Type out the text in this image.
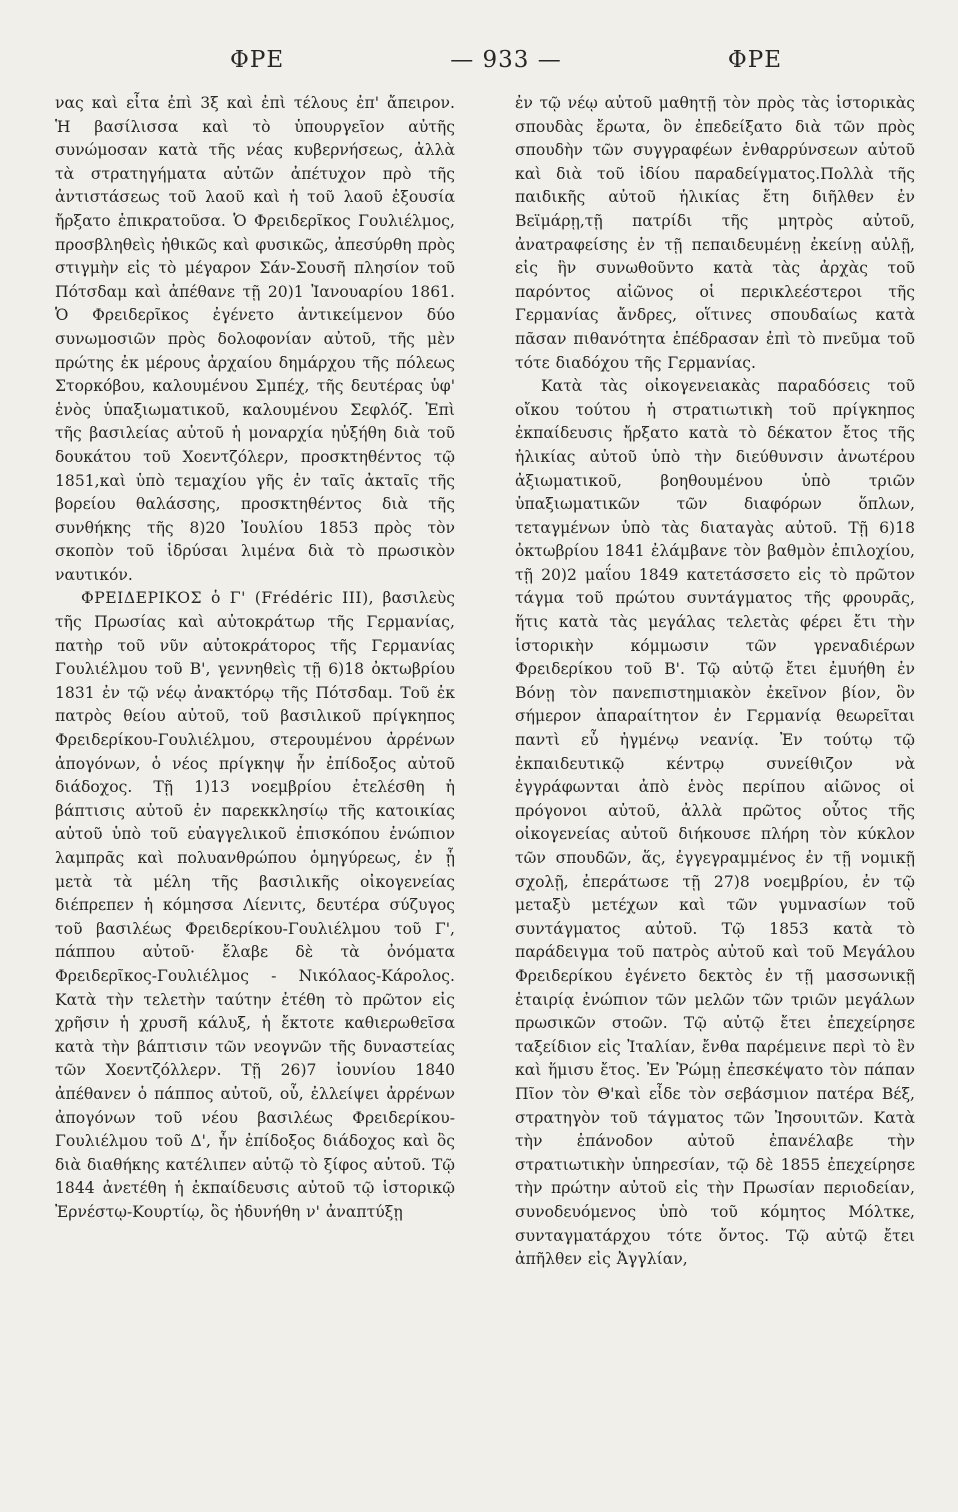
ΦΡΕ	— 933 —	ΦΡΕ

νας καὶ εἶτα ἐπὶ 3ξ καὶ ἐπὶ τέλους ἐπ' ἄπειρον. Ἡ βασίλισσα καὶ τὸ ὑπουργεῖον αὐτῆς συνώμοσαν κατὰ τῆς νέας κυβερνήσεως, ἀλλὰ τὰ στρατηγήματα αὐτῶν ἀπέτυχον πρὸ τῆς ἀντιστάσεως τοῦ λαοῦ καὶ ἡ τοῦ λαοῦ ἐξουσία ἤρξατο ἐπικρατοῦσα. Ὁ Φρειδερῖκος Γουλιέλμος, προσβληθεὶς ἠθικῶς καὶ φυσικῶς, ἀπεσύρθη πρὸς στιγμὴν εἰς τὸ μέγαρον Σάν-Σουσῆ πλησίον τοῦ Πότσδαμ καὶ ἀπέθανε τῇ 20)1 Ἰανουαρίου 1861. Ὁ Φρειδερῖκος ἐγένετο ἀντικείμενον δύο συνωμοσιῶν πρὸς δολοφονίαν αὐτοῦ, τῆς μὲν πρώτης ἐκ μέρους ἀρχαίου δημάρχου τῆς πόλεως Στορκόβου, καλουμένου Σμπέχ, τῆς δευτέρας ὑφ' ἑνὸς ὑπαξιωματικοῦ, καλουμένου Σεφλόζ. Ἐπὶ τῆς βασιλείας αὐτοῦ ἡ μοναρχία ηὐξήθη διὰ τοῦ δουκάτου τοῦ Χοεντζόλερν, προσκτηθέντος τῷ 1851,καὶ ὑπὸ τεμαχίου γῆς ἐν ταῖς ἀκταῖς τῆς βορείου θαλάσσης, προσκτηθέντος διὰ τῆς συνθήκης τῆς 8)20 Ἰουλίου 1853 πρὸς τὸν σκοπὸν τοῦ ἱδρύσαι λιμένα διὰ τὸ πρωσικὸν ναυτικόν.

ΦΡΕΙΔΕΡΙΚΟΣ ὁ Γ' (Frédéric III), βασιλεὺς τῆς Πρωσίας καὶ αὐτοκράτωρ τῆς Γερμανίας, πατὴρ τοῦ νῦν αὐτοκράτορος τῆς Γερμανίας Γουλιέλμου τοῦ Β', γεννηθεὶς τῇ 6)18 ὀκτωβρίου 1831 ἐν τῷ νέῳ ἀνακτόρῳ τῆς Πότσδαμ. Τοῦ ἐκ πατρὸς θείου αὐτοῦ, τοῦ βασιλικοῦ πρίγκηπος Φρειδερίκου-Γουλιέλμου, στερουμένου ἀρρένων ἀπογόνων, ὁ νέος πρίγκηψ ἦν ἐπίδοξος αὐτοῦ διάδοχος. Τῇ 1)13 νοεμβρίου ἐτελέσθη ἡ βάπτισις αὐτοῦ ἐν παρεκκλησίῳ τῆς κατοικίας αὐτοῦ ὑπὸ τοῦ εὐαγγελικοῦ ἐπισκόπου ἐνώπιον λαμπρᾶς καὶ πολυανθρώπου ὁμηγύρεως, ἐν ᾗ μετὰ τὰ μέλη τῆς βασιλικῆς οἰκογενείας διέπρεπεν ἡ κόμησσα Λίενιτς, δευτέρα σύζυγος τοῦ βασιλέως Φρειδερίκου-Γουλιέλμου τοῦ Γ', πάππου αὐτοῦ· ἔλαβε δὲ τὰ ὀνόματα Φρειδερῖκος-Γουλιέλμος - Νικόλαος-Κάρολος. Κατὰ τὴν τελετὴν ταύτην ἐτέθη τὸ πρῶτον εἰς χρῆσιν ἡ χρυσῆ κάλυξ, ἡ ἔκτοτε καθιερωθεῖσα κατὰ τὴν βάπτισιν τῶν νεογνῶν τῆς δυναστείας τῶν Χοεντζόλλερν. Τῇ 26)7 ἰουνίου 1840 ἀπέθανεν ὁ πάππος αὐτοῦ, οὗ, ἐλλείψει ἀρρένων ἀπογόνων τοῦ νέου βασιλέως Φρειδερίκου-Γουλιέλμου τοῦ Δ', ἦν ἐπίδοξος διάδοχος καὶ ὃς διὰ διαθήκης κατέλιπεν αὐτῷ τὸ ξίφος αὐτοῦ. Τῷ 1844 ἀνετέθη ἡ ἐκπαίδευσις αὐτοῦ τῷ ἱστορικῷ Ἐρνέστῳ-Κουρτίῳ, ὃς ἠδυνήθη ν' ἀναπτύξῃ

ἐν τῷ νέῳ αὐτοῦ μαθητῇ τὸν πρὸς τὰς ἱστορικὰς σπουδὰς ἔρωτα, ὃν ἐπεδείξατο διὰ τῶν πρὸς σπουδὴν τῶν συγγραφέων ἐνθαρρύνσεων αὐτοῦ καὶ διὰ τοῦ ἰδίου παραδείγματος.Πολλὰ τῆς παιδικῆς αὐτοῦ ἡλικίας ἔτη διῆλθεν ἐν Βεϊμάρῃ,τῇ πατρίδι τῆς μητρὸς αὐτοῦ, ἀνατραφείσης ἐν τῇ πεπαιδευμένῃ ἐκείνῃ αὐλῇ, εἰς ἣν συνωθοῦντο κατὰ τὰς ἀρχὰς τοῦ παρόντος αἰῶνος οἱ περικλεέστεροι τῆς Γερμανίας ἄνδρες, οἵτινες σπουδαίως κατὰ πᾶσαν πιθανότητα ἐπέδρασαν ἐπὶ τὸ πνεῦμα τοῦ τότε διαδόχου τῆς Γερμανίας.

Κατὰ τὰς οἰκογενειακὰς παραδόσεις τοῦ οἴκου τούτου ἡ στρατιωτικὴ τοῦ πρίγκηπος ἐκπαίδευσις ἤρξατο κατὰ τὸ δέκατον ἔτος τῆς ἡλικίας αὐτοῦ ὑπὸ τὴν διεύθυνσιν ἀνωτέρου ἀξιωματικοῦ, βοηθουμένου ὑπὸ τριῶν ὑπαξιωματικῶν τῶν διαφόρων ὅπλων, τεταγμένων ὑπὸ τὰς διαταγὰς αὐτοῦ. Τῇ 6)18 ὀκτωβρίου 1841 ἐλάμβανε τὸν βαθμὸν ἐπιλοχίου, τῇ 20)2 μαΐου 1849 κατετάσσετο εἰς τὸ πρῶτον τάγμα τοῦ πρώτου συντάγματος τῆς φρουρᾶς, ἥτις κατὰ τὰς μεγάλας τελετὰς φέρει ἔτι τὴν ἱστορικὴν κόμμωσιν τῶν γρεναδιέρων Φρειδερίκου τοῦ Β'. Τῷ αὐτῷ ἔτει ἐμυήθη ἐν Βόνῃ τὸν πανεπιστημιακὸν ἐκεῖνον βίον, ὃν σήμερον ἀπαραίτητον ἐν Γερμανίᾳ θεωρεῖται παντὶ εὖ ἠγμένῳ νεανίᾳ. Ἐν τούτῳ τῷ ἐκπαιδευτικῷ κέντρῳ συνείθιζον νὰ ἐγγράφωνται ἀπὸ ἑνὸς περίπου αἰῶνος οἱ πρόγονοι αὐτοῦ, ἀλλὰ πρῶτος οὗτος τῆς οἰκογενείας αὐτοῦ διήκουσε πλήρη τὸν κύκλον τῶν σπουδῶν, ἅς, ἐγγεγραμμένος ἐν τῇ νομικῇ σχολῇ, ἐπεράτωσε τῇ 27)8 νοεμβρίου, ἐν τῷ μεταξὺ μετέχων καὶ τῶν γυμνασίων τοῦ συντάγματος αὐτοῦ. Τῷ 1853 κατὰ τὸ παράδειγμα τοῦ πατρὸς αὐτοῦ καὶ τοῦ Μεγάλου Φρειδερίκου ἐγένετο δεκτὸς ἐν τῇ μασσωνικῇ ἑταιρίᾳ ἐνώπιον τῶν μελῶν τῶν τριῶν μεγάλων πρωσικῶν στοῶν. Τῷ αὐτῷ ἔτει ἐπεχείρησε ταξείδιον εἰς Ἰταλίαν, ἔνθα παρέμεινε περὶ τὸ ἓν καὶ ἥμισυ ἔτος. Ἐν Ῥώμῃ ἐπεσκέψατο τὸν πάπαν Πῖον τὸν Θ'καὶ εἶδε τὸν σεβάσμιον πατέρα Βέξ, στρατηγὸν τοῦ τάγματος τῶν Ἰησουιτῶν. Κατὰ τὴν ἐπάνοδον αὐτοῦ ἐπανέλαβε τὴν στρατιωτικὴν ὑπηρεσίαν, τῷ δὲ 1855 ἐπεχείρησε τὴν πρώτην αὐτοῦ εἰς τὴν Πρωσίαν περιοδείαν, συνοδευόμενος ὑπὸ τοῦ κόμητος Μόλτκε, συνταγματάρχου τότε ὄντος. Τῷ αὐτῷ ἔτει ἀπῆλθεν εἰς Ἀγγλίαν,
